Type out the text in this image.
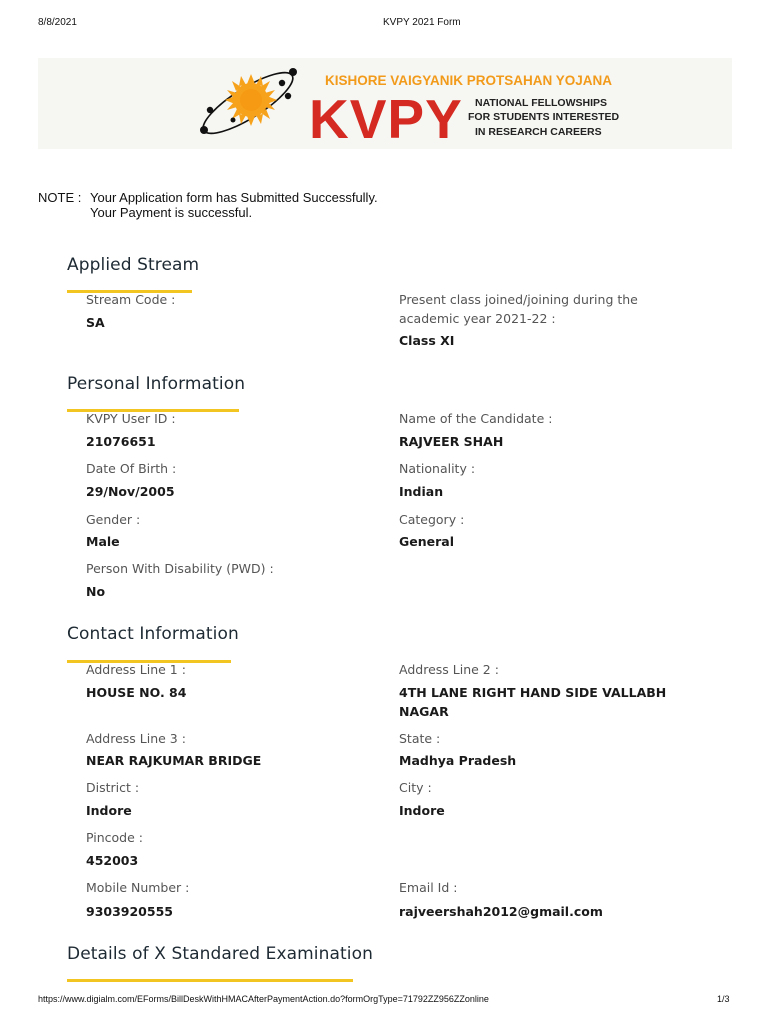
8/8/2021	KVPY 2021 Form
KISHORE VAIGYANIK PROTSAHAN YOJANA
KVPY NATIONAL FELLOWSHIPS
FOR STUDENTS INTERESTED
IN RESEARCH CAREERS
NOTE : Your Application form has Submitted Successfully. Your Payment is successful.
Applied Stream
Stream Code :
SA
Present class joined/joining during the academic year 2021-22 :
Class XI
Personal Information
KVPY User ID :
21076651
Name of the Candidate :
RAJVEER SHAH
Date Of Birth :
29/Nov/2005
Nationality :
Indian
Gender :
Male
Category :
General
Person With Disability (PWD) :
No
Contact Information
Address Line 1 :
HOUSE NO. 84
Address Line 2 :
4TH LANE RIGHT HAND SIDE VALLABH NAGAR
Address Line 3 :
NEAR RAJKUMAR BRIDGE
State :
Madhya Pradesh
District :
Indore
City :
Indore
Pincode :
452003
Mobile Number :
9303920555
Email Id :
rajveershah2012@gmail.com
Details of X Standared Examination
https://www.digialm.com/EForms/BillDeskWithHMACAfterPaymentAction.do?formOrgType=71792ZZ956ZZonline	1/3
